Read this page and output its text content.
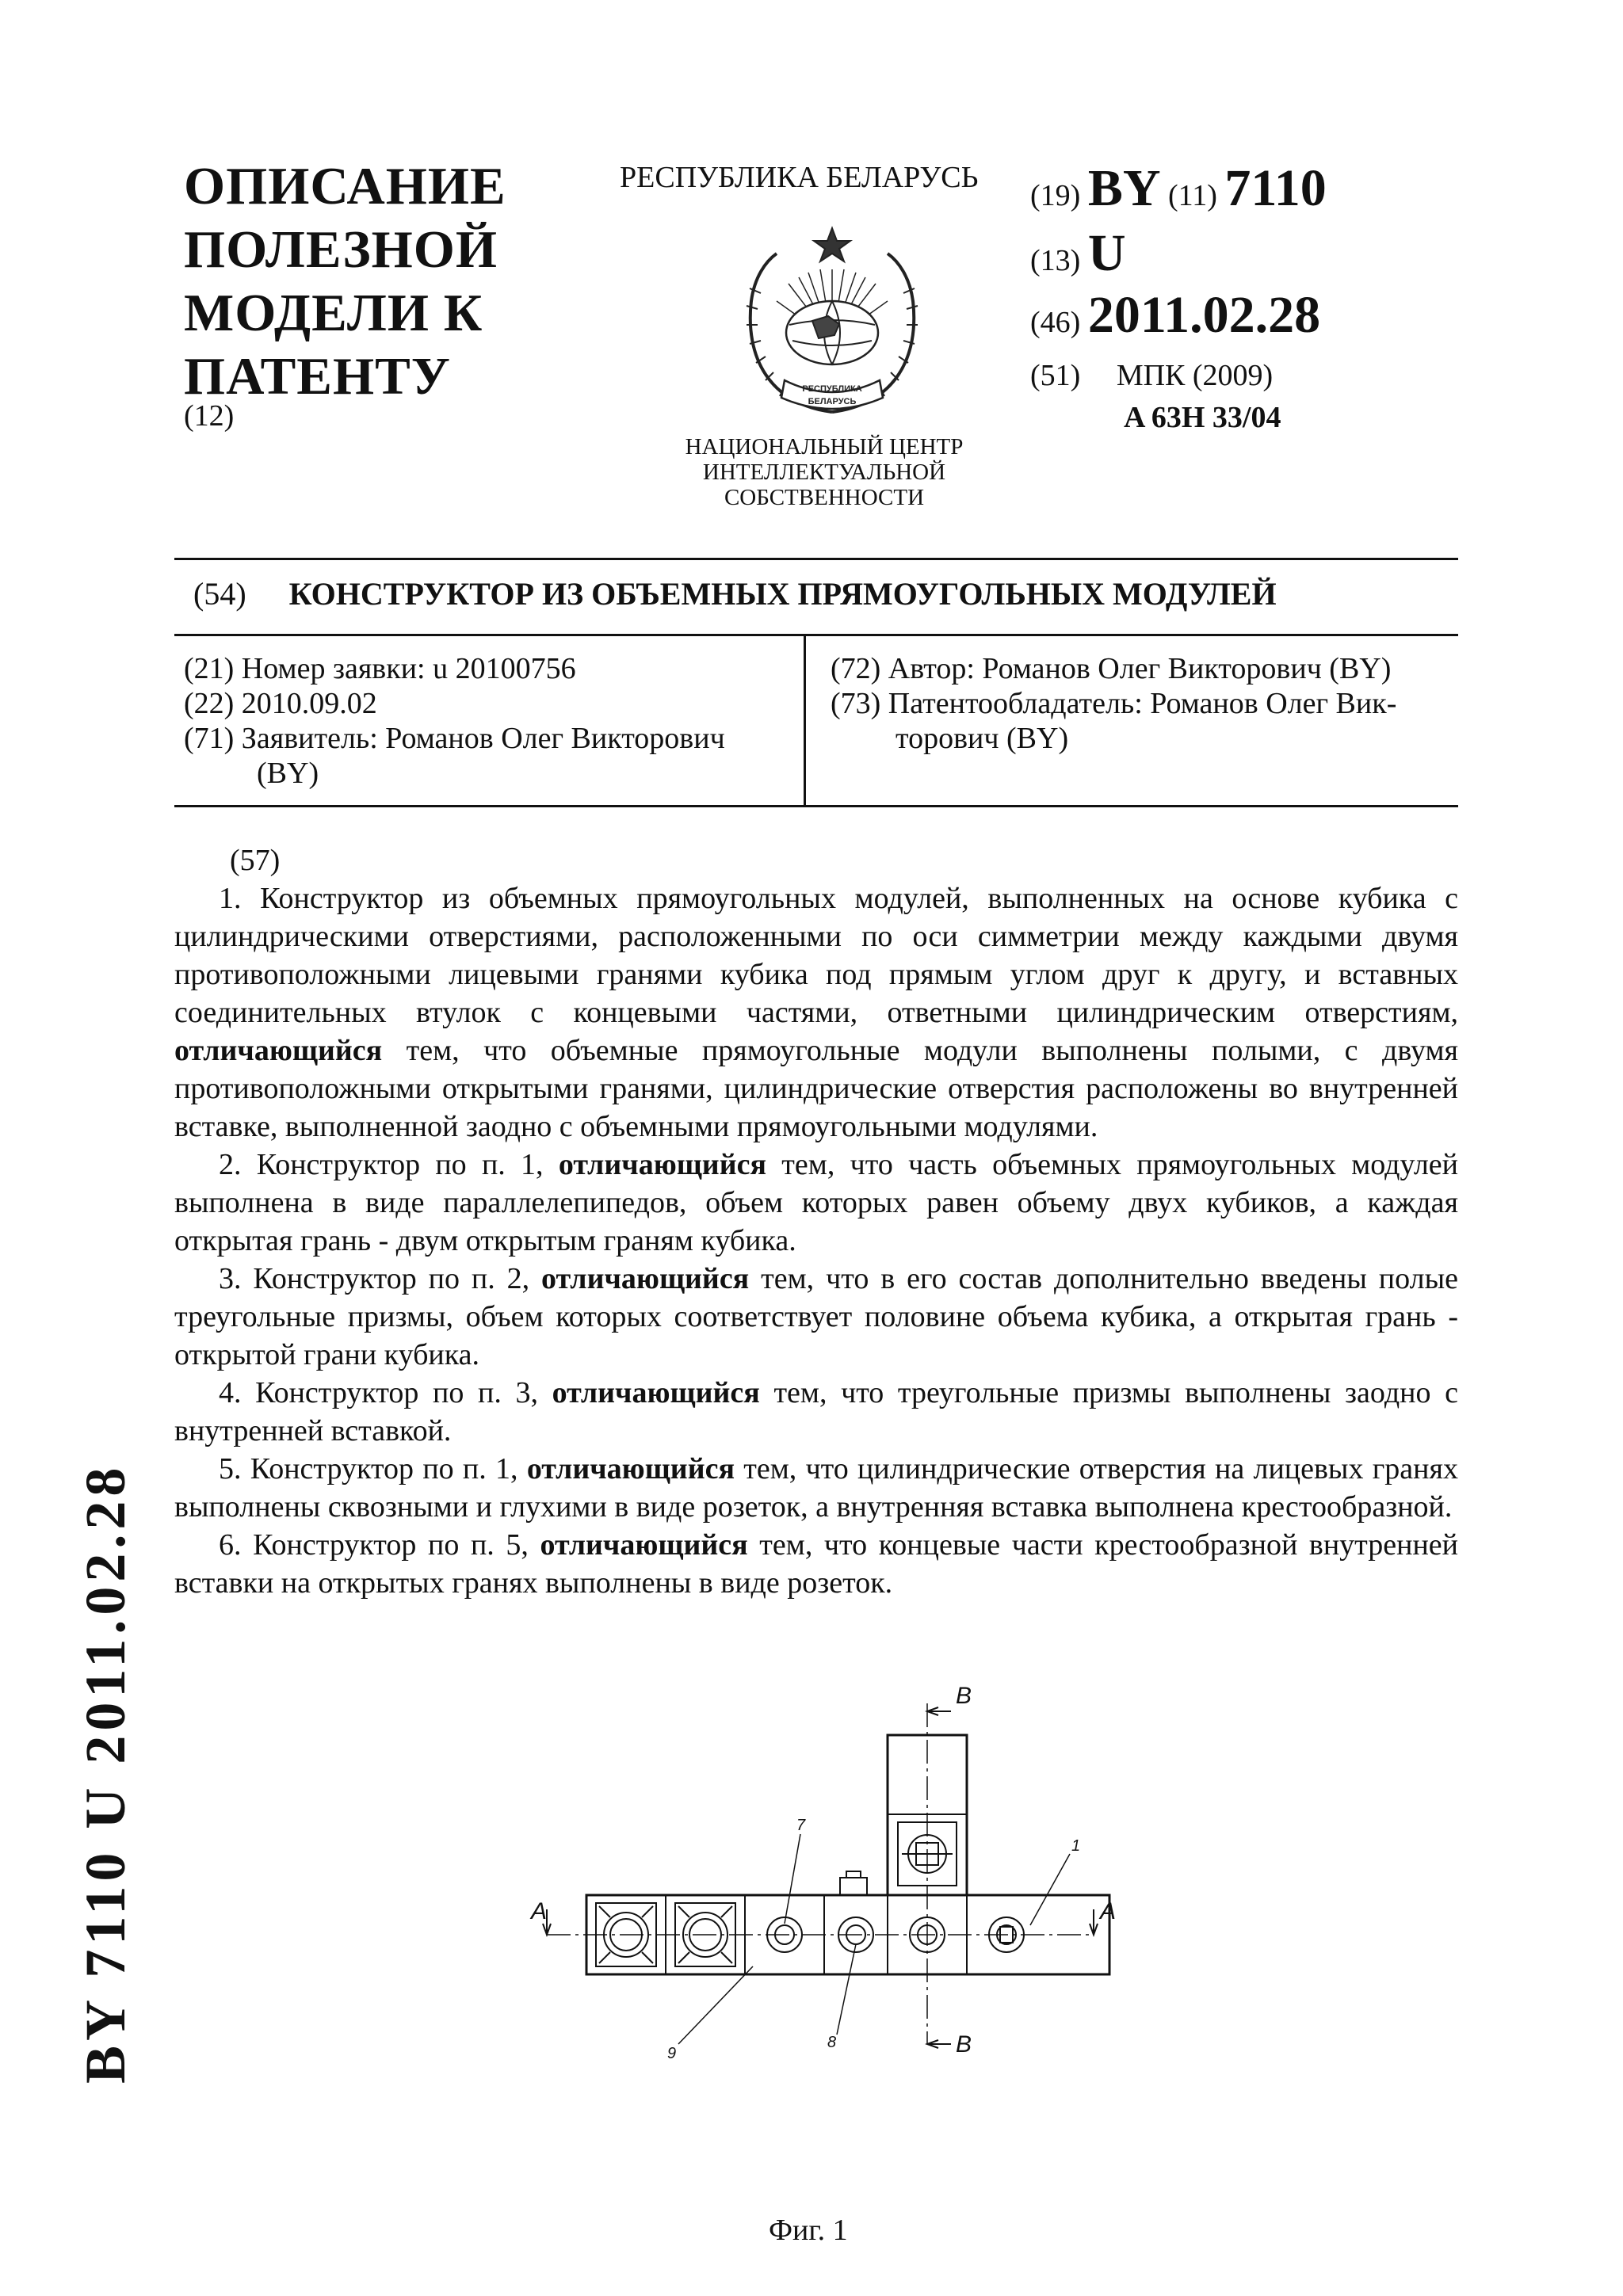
ОПИСАНИЕ
ПОЛЕЗНОЙ
МОДЕЛИ К
ПАТЕНТУ
(12)
РЕСПУБЛИКА БЕЛАРУСЬ
РЕСПУБЛИКА
БЕЛАРУСЬ
НАЦИОНАЛЬНЫЙ ЦЕНТР
ИНТЕЛЛЕКТУАЛЬНОЙ
СОБСТВЕННОСТИ
(19) BY (11) 7110
(13) U
(46) 2011.02.28
(51) МПК (2009)
A 63H 33/04
(54) КОНСТРУКТОР ИЗ ОБЪЕМНЫХ ПРЯМОУГОЛЬНЫХ МОДУЛЕЙ
(21) Номер заявки: u 20100756
(22) 2010.09.02
(71) Заявитель: Романов Олег Викторович
(BY)
(72) Автор: Романов Олег Викторович (BY)
(73) Патентообладатель: Романов Олег Вик-
торович (BY)

(57)

1. Конструктор из объемных прямоугольных модулей, выполненных на основе кубика с цилиндрическими отверстиями, расположенными по оси симметрии между каждыми двумя противоположными лицевыми гранями кубика под прямым углом друг к другу, и вставных соединительных втулок с концевыми частями, ответными цилиндрическим отверстиям, отличающийся тем, что объемные прямоугольные модули выполнены полыми, с двумя противоположными открытыми гранями, цилиндрические отверстия расположены во внутренней вставке, выполненной заодно с объемными прямоугольными модулями.

2. Конструктор по п. 1, отличающийся тем, что часть объемных прямоугольных модулей выполнена в виде параллелепипедов, объем которых равен объему двух кубиков, а каждая открытая грань - двум открытым граням кубика.

3. Конструктор по п. 2, отличающийся тем, что в его состав дополнительно введены полые треугольные призмы, объем которых соответствует половине объема кубика, а открытая грань - открытой грани кубика.

4. Конструктор по п. 3, отличающийся тем, что треугольные призмы выполнены заодно с внутренней вставкой.

5. Конструктор по п. 1, отличающийся тем, что цилиндрические отверстия на лицевых гранях выполнены сквозными и глухими в виде розеток, а внутренняя вставка выполнена крестообразной.

6. Конструктор по п. 5, отличающийся тем, что концевые части крестообразной внутренней вставки на открытых гранях выполнены в виде розеток.

A	A
B
B
1
7
8
9
Фиг. 1
BY 7110 U 2011.02.28
